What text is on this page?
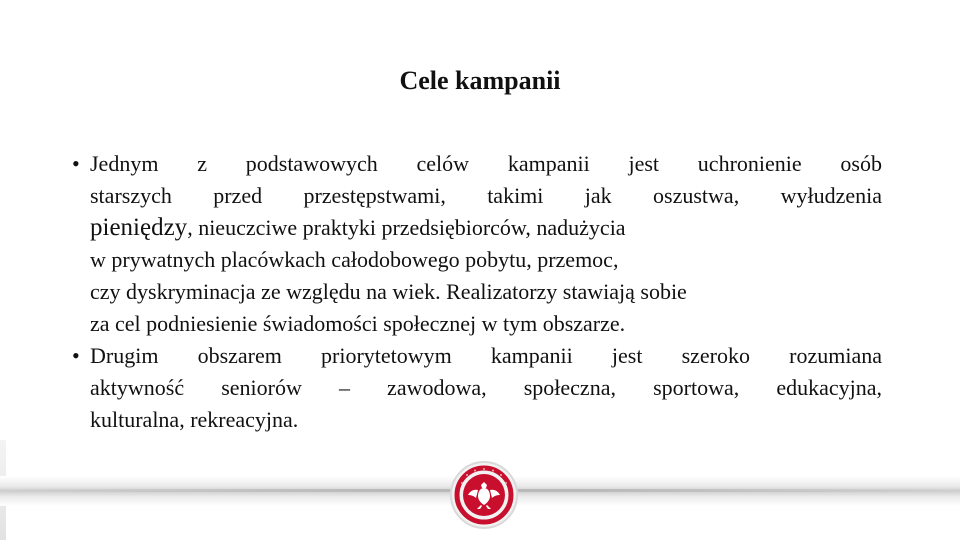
Cele kampanii
• Jednym z podstawowych celów kampanii jest uchronienie osób
starszych przed przestępstwami, takimi jak oszustwa, wyłudzenia
pieniędzy, nieuczciwe praktyki przedsiębiorców, nadużycia
w prywatnych placówkach całodobowego pobytu, przemoc,
czy dyskryminacja ze względu na wiek. Realizatorzy stawiają sobie
za cel podniesienie świadomości społecznej w tym obszarze.
• Drugim obszarem priorytetowym kampanii jest szeroko rozumiana
aktywność seniorów – zawodowa, społeczna, sportowa, edukacyjna,
kulturalna, rekreacyjna.
